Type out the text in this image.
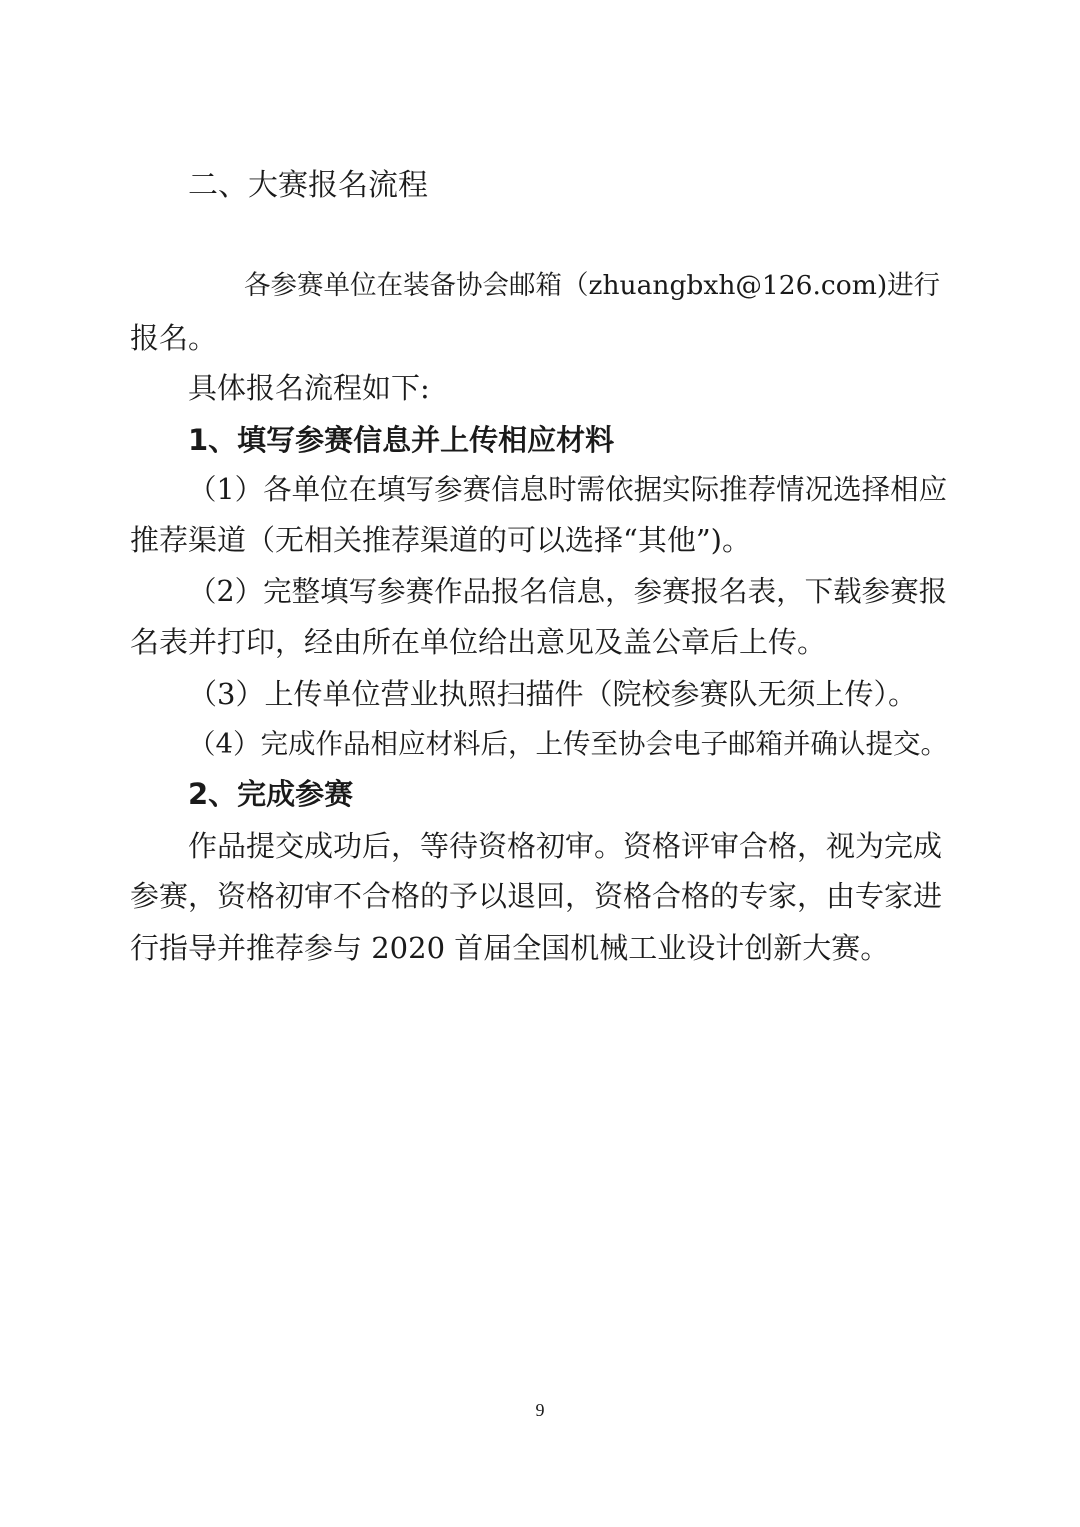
二、大赛报名流程
各参赛单位在装备协会邮箱（zhuangbxh@126.com)进行
报名。
具体报名流程如下:
1、填写参赛信息并上传相应材料
（1）各单位在填写参赛信息时需依据实际推荐情况选择相应
推荐渠道（无相关推荐渠道的可以选择“其他”)。
（2）完整填写参赛作品报名信息，参赛报名表，下载参赛报
名表并打印，经由所在单位给出意见及盖公章后上传。
（3）上传单位营业执照扫描件（院校参赛队无须上传）。
（4）完成作品相应材料后，上传至协会电子邮箱并确认提交。
2、完成参赛
作品提交成功后，等待资格初审。资格评审合格，视为完成
参赛，资格初审不合格的予以退回，资格合格的专家，由专家进
行指导并推荐参与 2020 首届全国机械工业设计创新大赛。
9
